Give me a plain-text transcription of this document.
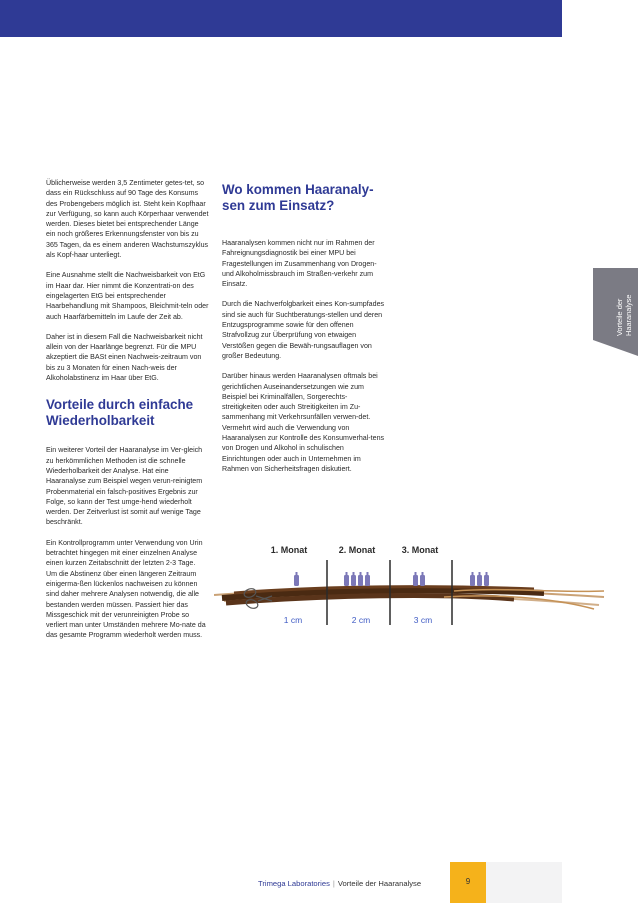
Üblicherweise werden 3,5 Zentimeter getes-tet, so dass ein Rückschluss auf 90 Tage des Konsums des Probengebers möglich ist. Steht kein Kopfhaar zur Verfügung, so kann auch Körperhaar verwendet werden. Dieses bietet bei entsprechender Länge ein noch größeres Erkennungsfenster von bis zu 365 Tagen, da es einem anderen Wachstumszyklus als Kopf-haar unterliegt.

Eine Ausnahme stellt die Nachweisbarkeit von EtG im Haar dar. Hier nimmt die Konzentrati-on des eingelagerten EtG bei entsprechender Haarbehandlung mit Shampoos, Bleichmit-teln oder auch Haarfärbemitteln im Laufe der Zeit ab.

Daher ist in diesem Fall die Nachweisbarkeit nicht allein von der Haarlänge begrenzt. Für die MPU akzeptiert die BASt einen Nachweis-zeitraum von bis zu 3 Monaten für einen Nach-weis der Alkoholabstinenz im Haar über EtG.

Vorteile durch einfache Wiederholbarkeit

Ein weiterer Vorteil der Haaranalyse im Ver-gleich zu herkömmlichen Methoden ist die schnelle Wiederholbarkeit der Analyse. Hat eine Haaranalyse zum Beispiel wegen verun-reinigtem Probenmaterial ein falsch-positives Ergebnis zur Folge, so kann der Test umge-hend wiederholt werden. Der Zeitverlust ist somit auf wenige Tage beschränkt.

Ein Kontrollprogramm unter Verwendung von Urin betrachtet hingegen mit einer einzelnen Analyse einen kurzen Zeitabschnitt der letzten 2-3 Tage. Um die Abstinenz über einen längeren Zeitraum einigerma-ßen lückenlos nachweisen zu können sind daher mehrere Analysen notwendig, die alle bestanden werden müssen. Passiert hier das Missgeschick mit der verunreinigten Probe so verliert man unter Umständen mehrere Mo-nate da das gesamte Programm wiederholt werden muss.

Wo kommen Haaranaly-sen zum Einsatz?

Haaranalysen kommen nicht nur im Rahmen der Fahreignungsdiagnostik bei einer MPU bei Fragestellungen im Zusammenhang von Drogen- und Alkoholmissbrauch im Straßen-verkehr zum Einsatz.

Durch die Nachverfolgbarkeit eines Kon-sumpfades sind sie auch für Suchtberatungs-stellen und deren Entzugsprogramme sowie für den offenen Strafvollzug zur Überprüfung von etwaigen Verstößen gegen die Bewäh-rungsauflagen von großer Bedeutung.

Darüber hinaus werden Haaranalysen oftmals bei gerichtlichen Auseinandersetzungen wie zum Beispiel bei Kriminalfällen, Sorgerechts-streitigkeiten oder auch Streitigkeiten im Zu-sammenhang mit Verkehrsunfällen verwen-det. Vermehrt wird auch die Verwendung von Haaranalysen zur Kontrolle des Konsumverhal-tens von Drogen und Alkohol in schulischen Einrichtungen oder auch in Unternehmen im Rahmen von Sicherheitsfragen diskutiert.

Vorteile der Haaranalyse
1. Monat	2. Monat	3. Monat
1 cm	2 cm	3 cm
Trimega Laboratories | Vorteile der Haaranalyse	9
